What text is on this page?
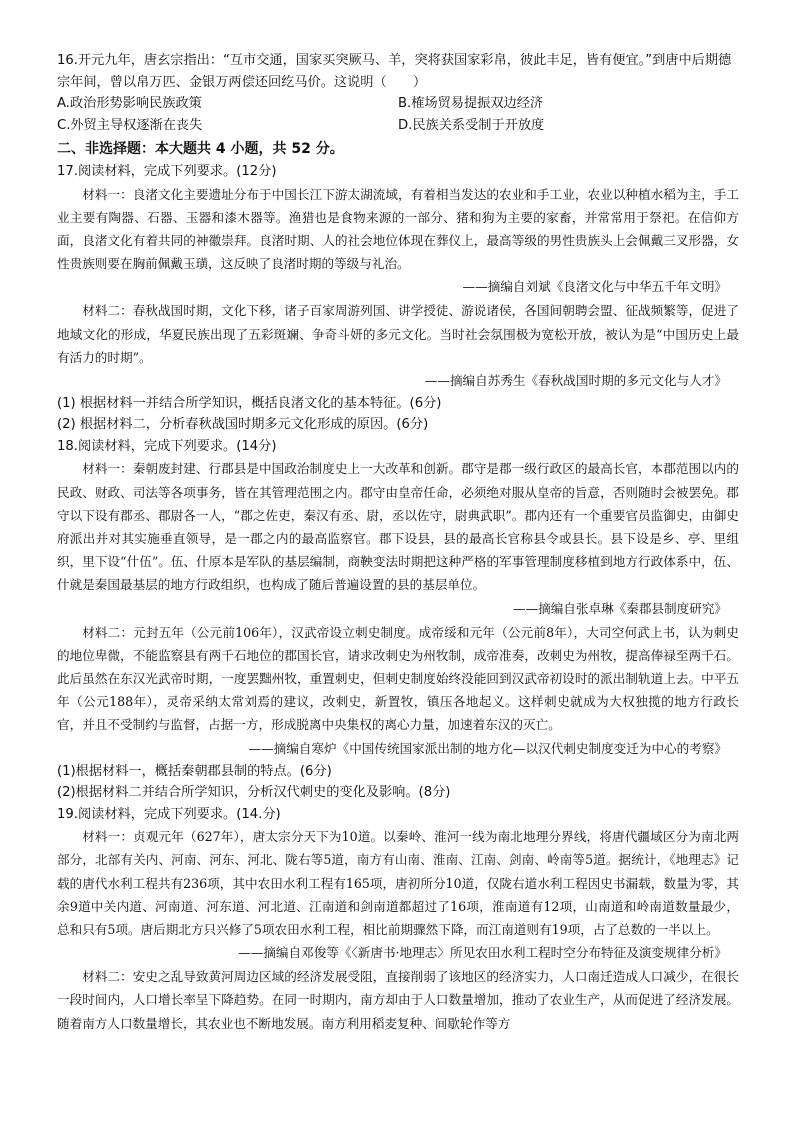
16.开元九年，唐玄宗指出：“互市交通，国家买突厥马、羊，突将获国家彩帛，彼此丰足，皆有便宜。”到唐中后期德宗年间，曾以帛万匹、金银万两偿还回纥马价。这说明（　　）

A.政治形势影响民族政策	B.榷场贸易提振双边经济
C.外贸主导权逐渐在丧失	D.民族关系受制于开放度

二、非选择题：本大题共 4 小题，共 52 分。

17.阅读材料，完成下列要求。(12分)

材料一：良渚文化主要遗址分布于中国长江下游太湖流域，有着相当发达的农业和手工业，农业以种植水稻为主，手工业主要有陶器、石器、玉器和漆木器等。渔猎也是食物来源的一部分、猪和狗为主要的家畜，并常常用于祭祀。在信仰方面，良渚文化有着共同的神徽崇拜。良渚时期、人的社会地位体现在葬仪上，最高等级的男性贵族头上会佩戴三叉形器，女性贵族则要在胸前佩戴玉璜，这反映了良渚时期的等级与礼治。

——摘编自刘斌《良渚文化与中华五千年文明》

材料二：春秋战国时期，文化下移，诸子百家周游列国、讲学授徒、游说诸侯，各国间朝聘会盟、征战频繁等，促进了地域文化的形成，华夏民族出现了五彩斑斓、争奇斗妍的多元文化。当时社会氛围极为宽松开放，被认为是“中国历史上最有活力的时期”。

——摘编自苏秀生《春秋战国时期的多元文化与人才》

(1) 根据材料一并结合所学知识，概括良渚文化的基本特征。(6分)

(2) 根据材料二，分析春秋战国时期多元文化形成的原因。(6分)

18.阅读材料，完成下列要求。(14分)

材料一：秦朝废封建、行郡县是中国政治制度史上一大改革和创新。郡守是郡一级行政区的最高长官，本郡范围以内的民政、财政、司法等各项事务，皆在其管理范围之内。郡守由皇帝任命，必须绝对服从皇帝的旨意，否则随时会被罢免。郡守以下设有郡丞、郡尉各一人，“郡之佐吏，秦汉有丞、尉，丞以佐守，尉典武职”。郡内还有一个重要官员监御史，由御史府派出并对其实施垂直领导，是一郡之内的最高监察官。郡下设县，县的最高长官称县令或县长。县下设是乡、亭、里组织，里下设“什伍”。伍、什原本是军队的基层编制，商鞅变法时期把这种严格的军事管理制度移植到地方行政体系中，伍、什就是秦国最基层的地方行政组织，也构成了随后普遍设置的县的基层单位。

——摘编自张卓琳《秦郡县制度研究》

材料二：元封五年（公元前106年），汉武帝设立刺史制度。成帝绥和元年（公元前8年），大司空何武上书，认为刺史的地位卑微，不能监察县有两千石地位的郡国长官，请求改刺史为州牧制，成帝准奏，改刺史为州牧，提高俸禄至两千石。此后虽然在东汉光武帝时期，一度罢黜州牧，重置刺史，但刺史制度始终没能回到汉武帝初设时的派出制轨道上去。中平五年（公元188年），灵帝采纳太常刘焉的建议，改刺史，新置牧，镇压各地起义。这样刺史就成为大权独揽的地方行政长官，并且不受制约与监督，占据一方，形成脱离中央集权的离心力量，加速着东汉的灭亡。

——摘编自寒炉《中国传统国家派出制的地方化—以汉代刺史制度变迁为中心的考察》

(1)根据材料一，概括秦朝郡县制的特点。(6分)

(2)根据材料二并结合所学知识，分析汉代刺史的变化及影响。(8分)

19.阅读材料，完成下列要求。(14.分)

材料一：贞观元年（627年），唐太宗分天下为10道。以秦岭、淮河一线为南北地理分界线，将唐代疆域区分为南北两部分，北部有关内、河南、河东、河北、陇右等5道，南方有山南、淮南、江南、剑南、岭南等5道。据统计，《地理志》记载的唐代水利工程共有236项，其中农田水利工程有165项，唐初所分10道，仅陇右道水利工程因史书漏载，数量为零，其余9道中关内道、河南道、河东道、河北道、江南道和剑南道都超过了16项，淮南道有12项，山南道和岭南道数量最少，总和只有5项。唐后期北方只兴修了5项农田水利工程，相比前期骤然下降，而江南道则有19项，占了总数的一半以上。

——摘编自邓俊等《〈新唐书·地理志〉所见农田水利工程时空分布特征及演变规律分析》

材料二：安史之乱导致黄河周边区域的经济发展受阻，直接削弱了该地区的经济实力，人口南迁造成人口减少，在很长一段时间内，人口增长率呈下降趋势。在同一时期内，南方却由于人口数量增加，推动了农业生产，从而促进了经济发展。随着南方人口数量增长，其农业也不断地发展。南方利用稻麦复种、间歇轮作等方
